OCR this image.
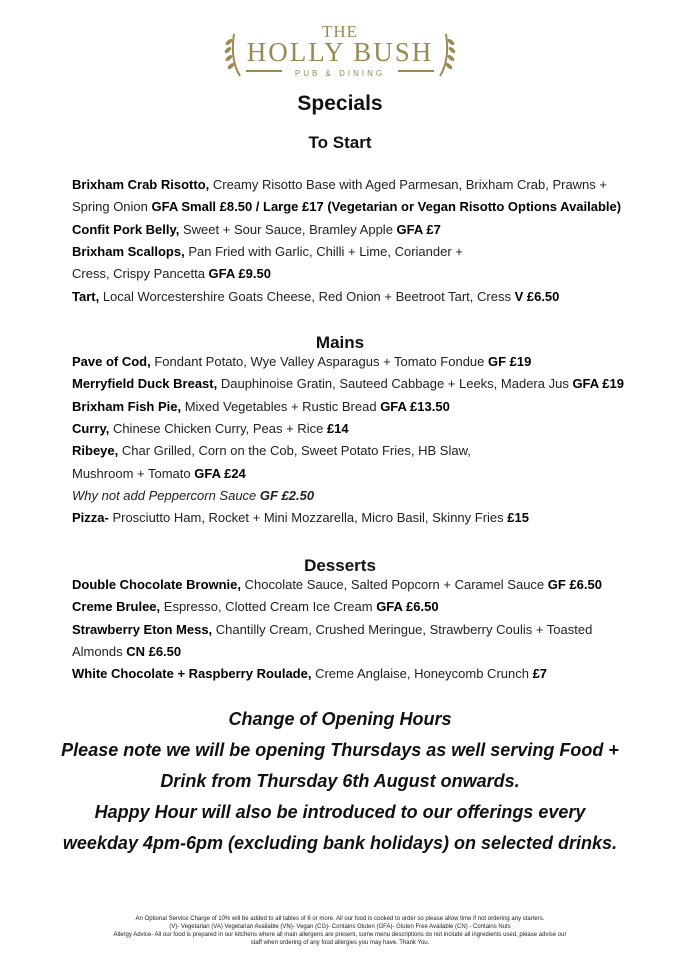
THE
HOLLY BUSH
PUB & DINING
Specials
To Start
Brixham Crab Risotto, Creamy Risotto Base with Aged Parmesan, Brixham Crab, Prawns +
Spring Onion GFA Small £8.50 / Large £17 (Vegetarian or Vegan Risotto Options Available)
Confit Pork Belly, Sweet + Sour Sauce, Bramley Apple GFA £7
Brixham Scallops, Pan Fried with Garlic, Chilli + Lime, Coriander +
Cress, Crispy Pancetta GFA £9.50
Tart, Local Worcestershire Goats Cheese, Red Onion + Beetroot Tart, Cress V £6.50
Mains
Pave of Cod, Fondant Potato, Wye Valley Asparagus + Tomato Fondue GF £19
Merryfield Duck Breast, Dauphinoise Gratin, Sauteed Cabbage + Leeks, Madera Jus GFA £19
Brixham Fish Pie, Mixed Vegetables + Rustic Bread GFA £13.50
Curry, Chinese Chicken Curry, Peas + Rice £14
Ribeye, Char Grilled, Corn on the Cob, Sweet Potato Fries, HB Slaw,
Mushroom + Tomato GFA £24
Why not add Peppercorn Sauce GF £2.50
Pizza- Prosciutto Ham, Rocket + Mini Mozzarella, Micro Basil, Skinny Fries £15
Desserts
Double Chocolate Brownie, Chocolate Sauce, Salted Popcorn + Caramel Sauce GF £6.50
Creme Brulee, Espresso, Clotted Cream Ice Cream GFA £6.50
Strawberry Eton Mess, Chantilly Cream, Crushed Meringue, Strawberry Coulis + Toasted
Almonds CN £6.50
White Chocolate + Raspberry Roulade, Creme Anglaise, Honeycomb Crunch £7
Change of Opening Hours
Please note we will be opening Thursdays as well serving Food +
Drink from Thursday 6th August onwards.
Happy Hour will also be introduced to our offerings every
weekday 4pm-6pm (excluding bank holidays) on selected drinks.
An Optional Service Charge of 10% will be added to all tables of 6 or more. All our food is cooked to order so please allow time if not ordering any starters.
(V)- Vegetarian (VA) Vegetarian Available (VN)- Vegan (CG)- Contains Gluten (GFA)- Gluten Free Available (CN) - Contains Nuts
Allergy Advice- All our food is prepared in our kitchens where all main allergens are present, some menu descriptions do not include all ingredients used, please advise our
staff when ordering of any food allergies you may have. Thank You.
